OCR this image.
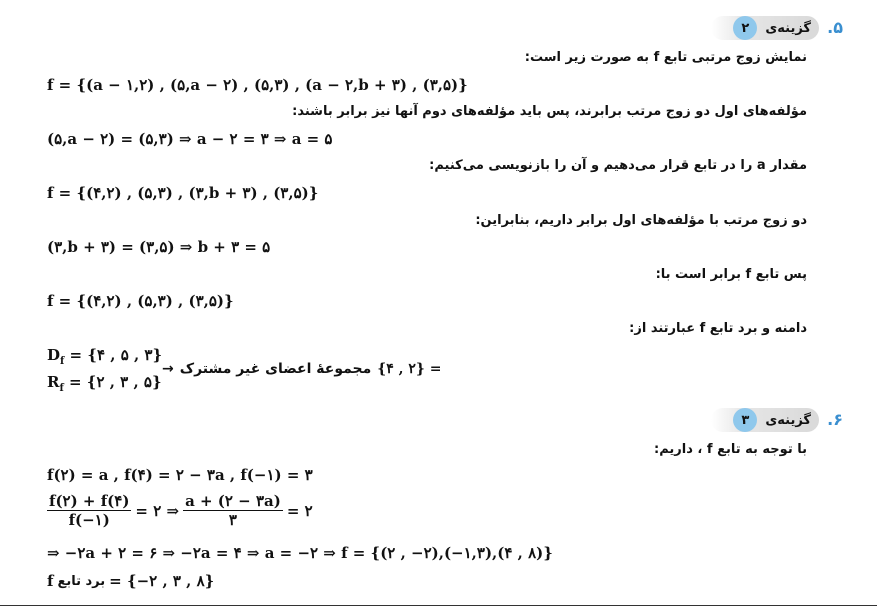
۵.
گزینه‌ی
۲
نمایش زوج مرتبی تابع f به صورت زیر است:
f = {(a − ۱,۲) , (۵,a − ۲) , (۵,۳) , (a − ۲,b + ۳) , (۳,۵)}
مؤلفه‌های اول دو زوج مرتب برابرند، پس باید مؤلفه‌های دوم آنها نیز برابر باشند:
(۵,a − ۲) = (۵,۳) ⇒ a − ۲ = ۳ ⇒ a = ۵
مقدار a را در تابع قرار می‌دهیم و آن را بازنویسی می‌کنیم:
f = {(۴,۲) , (۵,۳) , (۳,b + ۳) , (۳,۵)}
دو زوج مرتب با مؤلفه‌های اول برابر داریم، بنابراین:
(۳,b + ۳) = (۳,۵) ⇒ b + ۳ = ۵
پس تابع f برابر است با:
f = {(۴,۲) , (۵,۳) , (۳,۵)}
دامنه و برد تابع f عبارتند از:
$D_f$ = {۴ , ۵ , ۳}
$R_f$ = {۲ , ۳ , ۵}
→ مجموعهٔ اعضای غیر مشترک {۴ , ۲} =
۶.
گزینه‌ی
۳
با توجه به تابع f ، داریم:
f(۲) = a , f(۴) = ۲ − ۳a , f(−۱) = ۳
$\frac{f(۲) + f(۴)}{f(-۱)}$ = ۲ ⇒ $\frac{a + (۲ - ۳a)}{۳}$ = ۲
⇒ −۲a + ۲ = ۶ ⇒ −۲a = ۴ ⇒ a = −۲ ⇒ f = {(۲ , −۲),(−۱,۳),(۴ , ۸)}
f برد تابع = {−۲ , ۳ , ۸}
